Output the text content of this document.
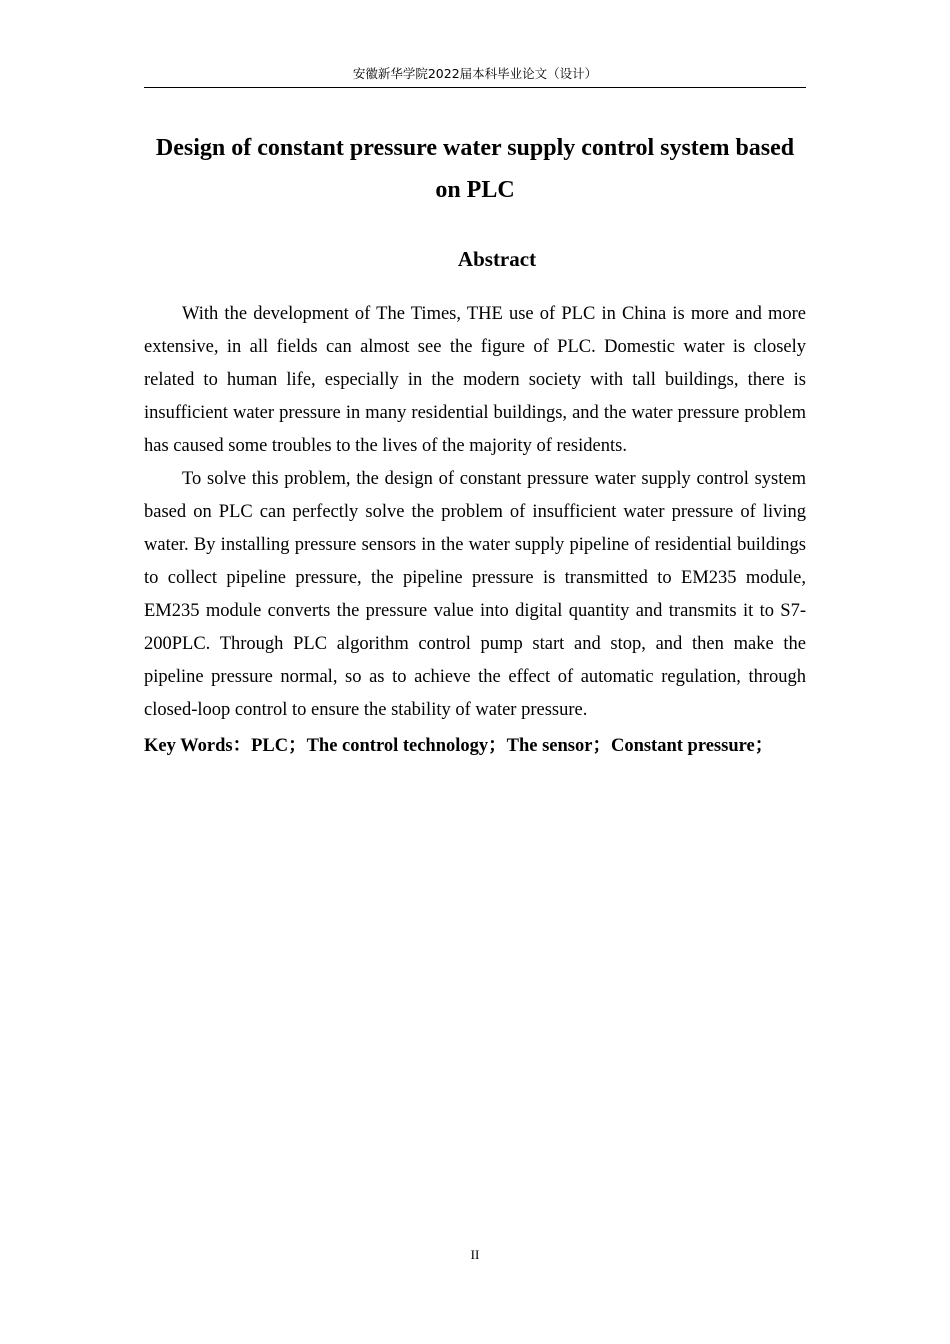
安徽新华学院2022届本科毕业论文（设计）
Design of constant pressure water supply control system based
on PLC
Abstract

With the development of The Times, THE use of PLC in China is more and more extensive, in all fields can almost see the figure of PLC. Domestic water is closely related to human life, especially in the modern society with tall buildings, there is insufficient water pressure in many residential buildings, and the water pressure problem has caused some troubles to the lives of the majority of residents.

To solve this problem, the design of constant pressure water supply control system based on PLC can perfectly solve the problem of insufficient water pressure of living water. By installing pressure sensors in the water supply pipeline of residential buildings to collect pipeline pressure, the pipeline pressure is transmitted to EM235 module, EM235 module converts the pressure value into digital quantity and transmits it to S7-200PLC. Through PLC algorithm control pump start and stop, and then make the pipeline pressure normal, so as to achieve the effect of automatic regulation, through closed-loop control to ensure the stability of water pressure.

Key Words：PLC；The control technology；The sensor；Constant pressure；

II
